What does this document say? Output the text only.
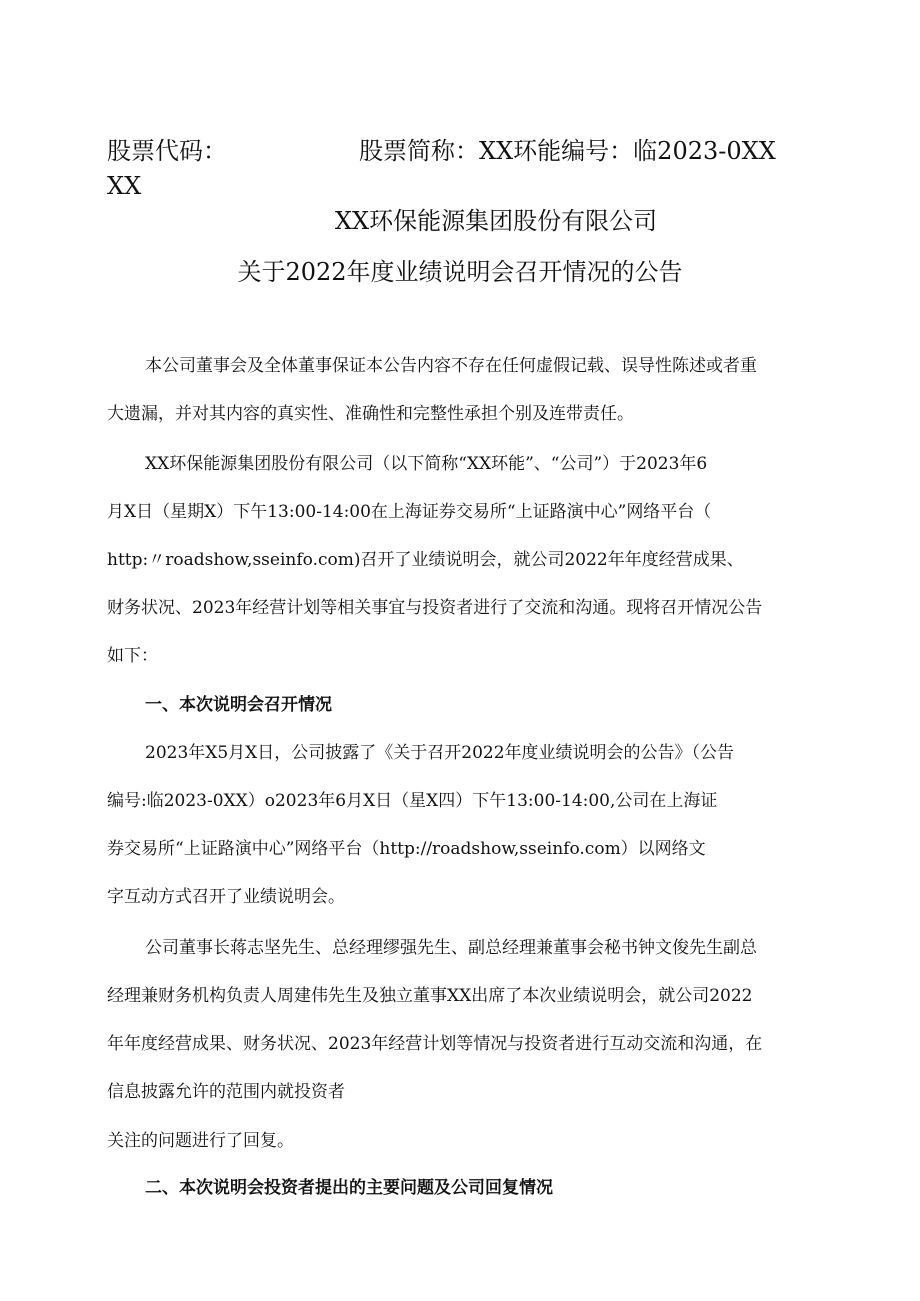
股票代码：	股票简称：XX环能编号：临2023-0XX
XX
XX环保能源集团股份有限公司
关于2022年度业绩说明会召开情况的公告
本公司董事会及全体董事保证本公告内容不存在任何虚假记载、误导性陈述或者重
大遗漏，并对其内容的真实性、准确性和完整性承担个别及连带责任。
XX环保能源集团股份有限公司（以下简称“XX环能”、“公司”）于2023年6
月X日（星期X）下午13:00-14:00在上海证券交易所“上证路演中心”网络平台（
http:〃roadshow,sseinfo.com)召开了业绩说明会，就公司2022年年度经营成果、
财务状况、2023年经营计划等相关事宜与投资者进行了交流和沟通。现将召开情况公告
如下：
一、本次说明会召开情况
2023年X5月X日，公司披露了《关于召开2022年度业绩说明会的公告》（公告
编号:临2023-0XX）o2023年6月X日（星X四）下午13:00-14:00,公司在上海证
券交易所“上证路演中心”网络平台（http://roadshow,sseinfo.com）以网络文
字互动方式召开了业绩说明会。
公司董事长蒋志坚先生、总经理缪强先生、副总经理兼董事会秘书钟文俊先生副总
经理兼财务机构负责人周建伟先生及独立董事XX出席了本次业绩说明会，就公司2022
年年度经营成果、财务状况、2023年经营计划等情况与投资者进行互动交流和沟通，在
信息披露允许的范围内就投资者
关注的问题进行了回复。
二、本次说明会投资者提出的主要问题及公司回复情况
